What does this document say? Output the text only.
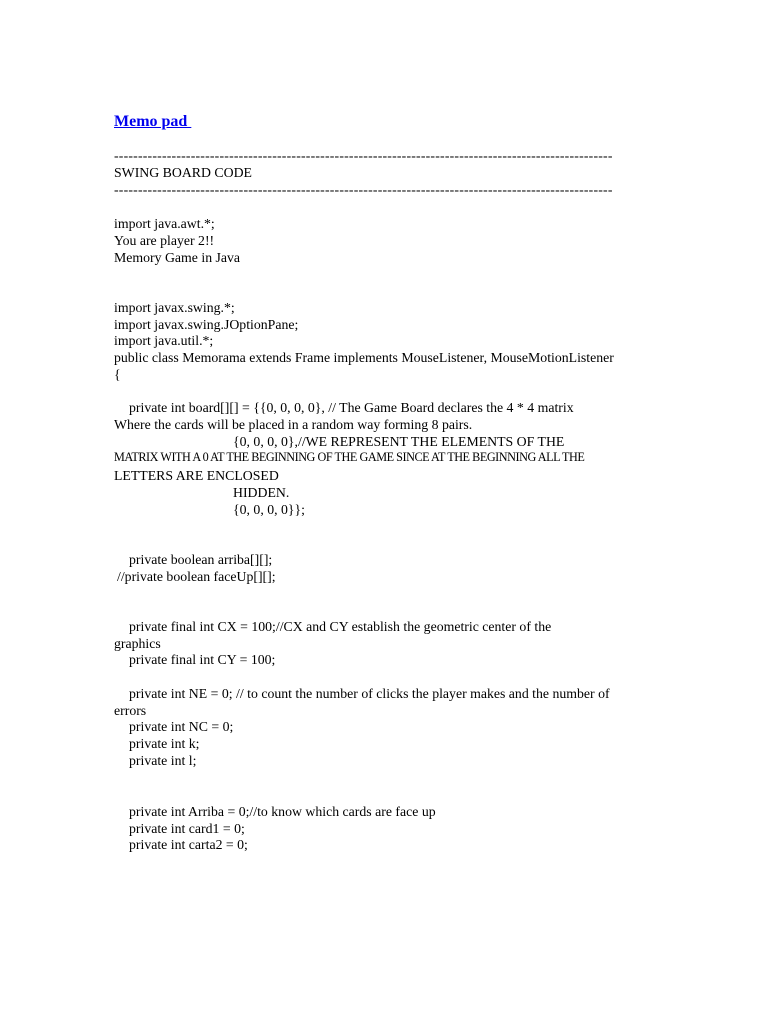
Memo pad
--------------------------------------------------------------------------------------------------------
SWING BOARD CODE
--------------------------------------------------------------------------------------------------------
import java.awt.*;
You are player 2!!
Memory Game in Java
import javax.swing.*;
import javax.swing.JOptionPane;
import java.util.*;
public class Memorama extends Frame implements MouseListener, MouseMotionListener
{
private int board[][] = {{0, 0, 0, 0}, // The Game Board declares the 4 * 4 matrix
Where the cards will be placed in a random way forming 8 pairs.
{0, 0, 0, 0},//WE REPRESENT THE ELEMENTS OF THE
MATRIX WITH A 0 AT THE BEGINNING OF THE GAME SINCE AT THE BEGINNING ALL THE
LETTERS ARE ENCLOSED
HIDDEN.
{0, 0, 0, 0}};
private boolean arriba[][];
//private boolean faceUp[][];
private final int CX = 100;//CX and CY establish the geometric center of the
graphics
private final int CY = 100;
private int NE = 0; // to count the number of clicks the player makes and the number of
errors
private int NC = 0;
private int k;
private int l;
private int Arriba = 0;//to know which cards are face up
private int card1 = 0;
private int carta2 = 0;
